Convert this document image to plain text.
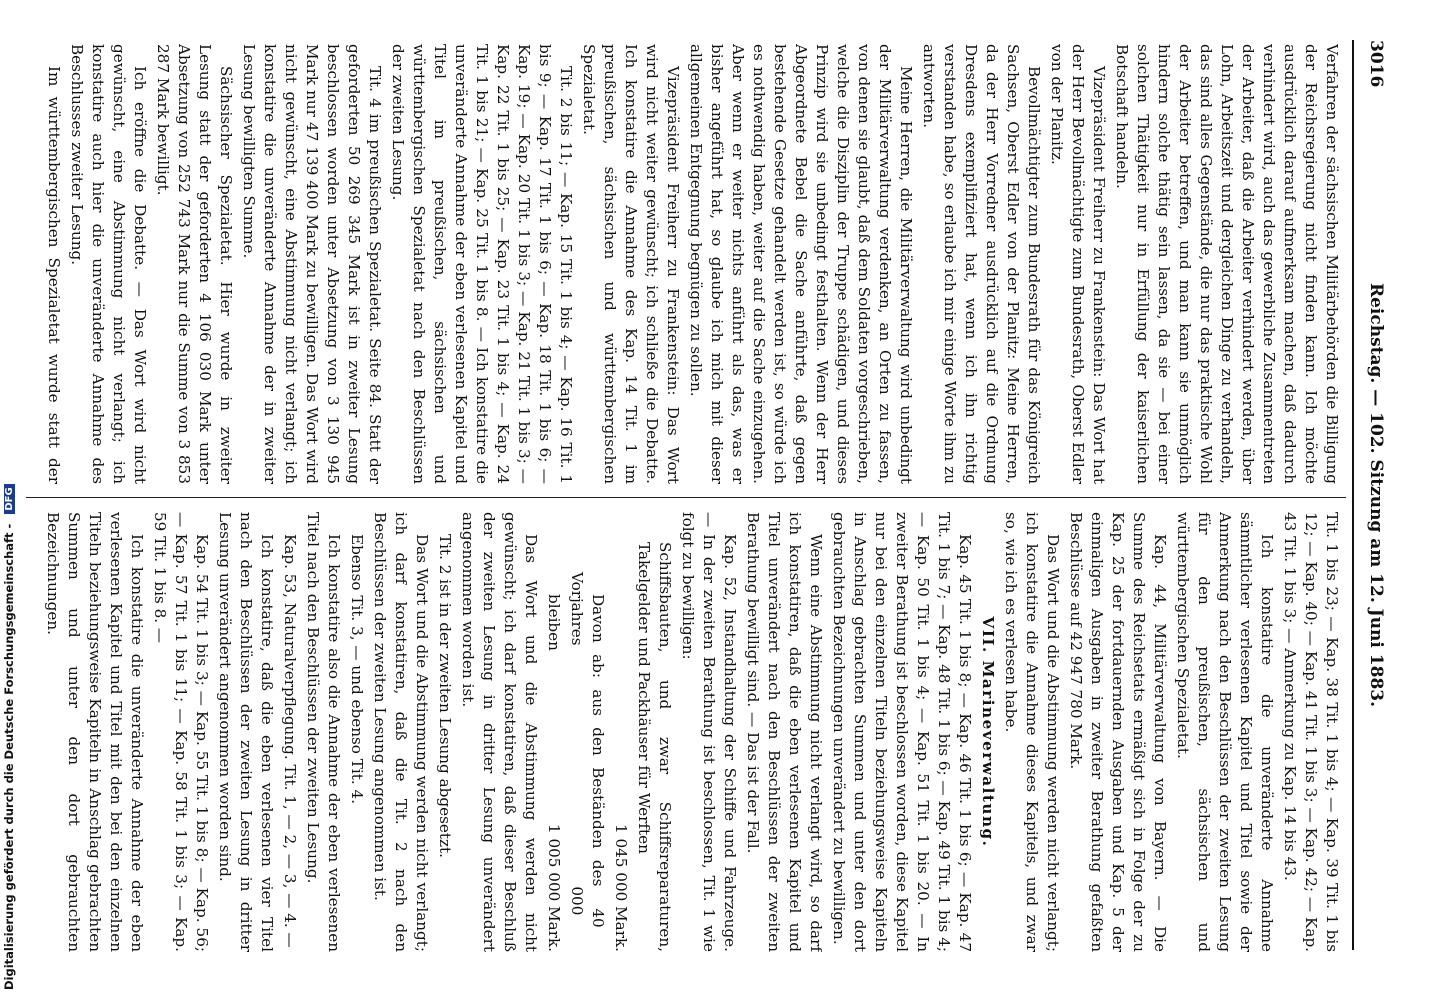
3016
Reichstag. — 102. Sitzung am 12. Juni 1883.

Verfahren der sächsischen Militärbehörden die Billigung der Reichsregierung nicht finden kann. Ich möchte ausdrücklich darauf aufmerksam machen, daß dadurch verhindert wird, auch das gewerbliche Zusammentreten der Arbeiter, daß die Arbeiter verhindert werden, über Lohn, Arbeitszeit und dergleichen Dinge zu verhandeln, das sind alles Gegenstände, die nur das praktische Wohl der Arbeiter betreffen, und man kann sie unmöglich hindern solche thätig sein lassen, da sie — bei einer solchen Thätigkeit nur in Erfüllung der kaiserlichen Botschaft handeln.

Vizepräsident Freiherr zu Frankenstein: Das Wort hat der Herr Bevollmächtigte zum Bundesrath, Oberst Edler von der Planitz.

Bevollmächtigter zum Bundesrath für das Königreich Sachsen, Oberst Edler von der Planitz: Meine Herren, da der Herr Vorredner ausdrücklich auf die Ordnung Dresdens exemplifiziert hat, wenn ich ihn richtig verstanden habe, so erlaube ich mir einige Worte ihm zu antworten.

Meine Herren, die Militärverwaltung wird unbedingt der Militärverwaltung verdenken, an Orten zu fassen, von denen sie glaubt, daß dem Soldaten vorgeschrieben, welche die Disziplin der Truppe schädigen, und dieses Prinzip wird sie unbedingt festhalten. Wenn der Herr Abgeordnete Bebel die Sache anführte, daß gegen bestehende Gesetze gehandelt werden ist, so würde ich es nothwendig haben, weiter auf die Sache einzugehen. Aber wenn er weiter nichts anführt als das, was er bisher angeführt hat, so glaube ich mich mit dieser allgemeinen Entgegnung begnügen zu sollen.

Vizepräsident Freiherr zu Frankenstein: Das Wort wird nicht weiter gewünscht; ich schließe die Debatte. Ich konstatire die Annahme des Kap. 14 Tit. 1 im preußischen, sächsischen und württembergischen Spezialetat.

Tit. 2 bis 11; — Kap. 15 Tit. 1 bis 4; — Kap. 16 Tit. 1 bis 9; — Kap. 17 Tit. 1 bis 6; — Kap. 18 Tit. 1 bis 6; — Kap. 19; — Kap. 20 Tit. 1 bis 3; — Kap. 21 Tit. 1 bis 3; — Kap. 22 Tit. 1 bis 25; — Kap. 23 Tit. 1 bis 4; — Kap. 24 Tit. 1 bis 21; — Kap. 25 Tit. 1 bis 8. — Ich konstatire die unveränderte Annahme der eben verlesenen Kapitel und Titel im preußischen, sächsischen und württembergischen Spezialetat nach den Beschlüssen der zweiten Lesung.

Tit. 4 im preußischen Spezialetat. Seite 84. Statt der geforderten 50 269 345 Mark ist in zweiter Lesung beschlossen worden unter Absetzung von 3 130 945 Mark nur 47 139 400 Mark zu bewilligen. Das Wort wird nicht gewünscht, eine Abstimmung nicht verlangt; ich konstatire die unveränderte Annahme der in zweiter Lesung bewilligten Summe.

Sächsischer Spezialetat. Hier wurde in zweiter Lesung statt der geforderten 4 106 030 Mark unter Absetzung von 252 743 Mark nur die Summe von 3 853 287 Mark bewilligt.

Ich eröffne die Debatte. — Das Wort wird nicht gewünscht, eine Abstimmung nicht verlangt; ich konstatire auch hier die unveränderte Annahme des Beschlusses zweiter Lesung.

Im württembergischen Spezialetat wurde statt der

Tit. 1 bis 23; — Kap. 38 Tit. 1 bis 4; — Kap. 39 Tit. 1 bis 12; — Kap. 40; — Kap. 41 Tit. 1 bis 3; — Kap. 42; — Kap. 43 Tit. 1 bis 3; — Anmerkung zu Kap. 14 bis 43.

Ich konstatire die unveränderte Annahme sämmtlicher verlesenen Kapitel und Titel sowie der Anmerkung nach den Beschlüssen der zweiten Lesung für den preußischen, sächsischen und württembergischen Spezialetat.

Kap. 44, Militärverwaltung von Bayern. — Die Summe des Reichsetats ermäßigt sich in Folge der zu Kap. 25 der fortdauernden Ausgaben und Kap. 5 der einmaligen Ausgaben in zweiter Berathung gefaßten Beschlüsse auf 42 947 780 Mark.

Das Wort und die Abstimmung werden nicht verlangt; ich konstatire die Annahme dieses Kapitels, und zwar so, wie ich es verlesen habe.

VII. Marineverwaltung.

Kap. 45 Tit. 1 bis 8; — Kap. 46 Tit. 1 bis 6; — Kap. 47 Tit. 1 bis 7; — Kap. 48 Tit. 1 bis 6; — Kap. 49 Tit. 1 bis 4; — Kap. 50 Tit. 1 bis 4; — Kap. 51 Tit. 1 bis 20. — In zweiter Berathung ist beschlossen worden, diese Kapitel nur bei den einzelnen Titeln beziehungsweise Kapiteln in Anschlag gebrachten Summen und unter den dort gebrauchten Bezeichnungen unverändert zu bewilligen.

Wenn eine Abstimmung nicht verlangt wird, so darf ich konstatiren, daß die eben verlesenen Kapitel und Titel unverändert nach den Beschlüssen der zweiten Berathung bewilligt sind. — Das ist der Fall.

Kap. 52, Instandhaltung der Schiffe und Fahrzeuge. — In der zweiten Berathung ist beschlossen, Tit. 1 wie folgt zu bewilligen:

Schiffsbauten, und zwar Schiffsreparaturen, Takelgelder und Packhäuser für Werften

1 045 000 Mark.

Davon ab: aus den Beständen des Vorjahres
40 000

bleiben
1 005 000 Mark.

Das Wort und die Abstimmung werden nicht gewünscht; ich darf konstatiren, daß dieser Beschluß der zweiten Lesung in dritter Lesung unverändert angenommen worden ist.

Tit. 2 ist in der zweiten Lesung abgesetzt.

Das Wort und die Abstimmung werden nicht verlangt; ich darf konstatiren, daß die Tit. 2 nach den Beschlüssen der zweiten Lesung angenommen ist.

Ebenso Tit. 3, — und ebenso Tit. 4.

Ich konstatire also die Annahme der eben verlesenen Titel nach den Beschlüssen der zweiten Lesung.

Kap. 53, Naturalverpflegung. Tit. 1, — 2, — 3, — 4. —

Ich konstatire, daß die eben verlesenen vier Titel nach den Beschlüssen der zweiten Lesung in dritter Lesung unverändert angenommen worden sind.

Kap. 54 Tit. 1 bis 3; — Kap. 55 Tit. 1 bis 8; — Kap. 56; — Kap. 57 Tit. 1 bis 11; — Kap. 58 Tit. 1 bis 3; — Kap. 59 Tit. 1 bis 8. —

Ich konstatire die unveränderte Annahme der eben verlesenen Kapitel und Titel mit den bei den einzelnen Titeln beziehungsweise Kapiteln in Anschlag gebrachten Summen und unter den dort gebrauchten Bezeichnungen.

Digitalisierung gefördert durch die Deutsche Forschungsgemeinschaft - DFG
